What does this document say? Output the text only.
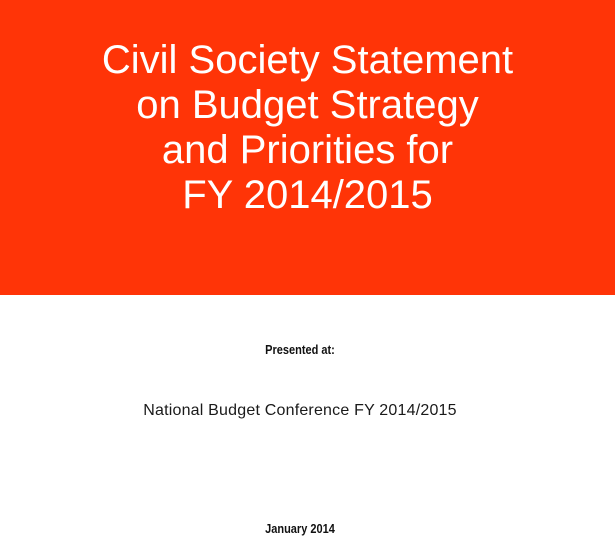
Civil Society Statement
on Budget Strategy
and Priorities for
FY 2014/2015
Presented at:
National Budget Conference FY 2014/2015
January 2014
